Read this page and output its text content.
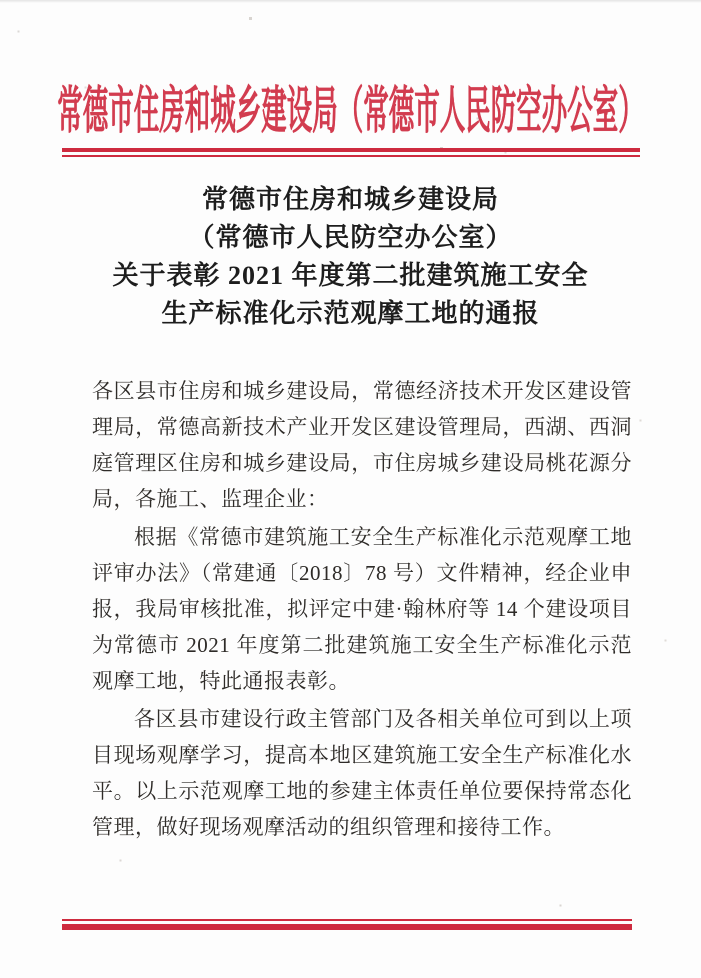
常德市住房和城乡建设局（常德市人民防空办公室）
常德市住房和城乡建设局
（常德市人民防空办公室）
关于表彰 2021 年度第二批建筑施工安全
生产标准化示范观摩工地的通报

各区县市住房和城乡建设局，常德经济技术开发区建设管理局，常德高新技术产业开发区建设管理局，西湖、西洞庭管理区住房和城乡建设局，市住房城乡建设局桃花源分局，各施工、监理企业：

根据《常德市建筑施工安全生产标准化示范观摩工地评审办法》（常建通〔2018〕78 号）文件精神，经企业申报，我局审核批准，拟评定中建·翰林府等 14 个建设项目为常德市 2021 年度第二批建筑施工安全生产标准化示范观摩工地，特此通报表彰。

各区县市建设行政主管部门及各相关单位可到以上项目现场观摩学习，提高本地区建筑施工安全生产标准化水平。以上示范观摩工地的参建主体责任单位要保持常态化管理，做好现场观摩活动的组织管理和接待工作。
